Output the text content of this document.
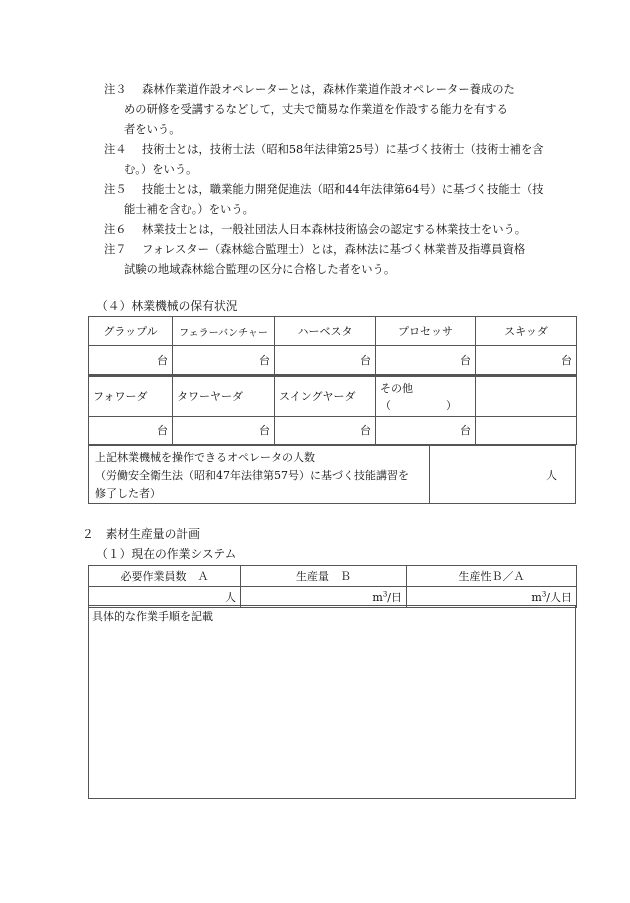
注３	森林作業道作設オペレーターとは，森林作業道作設オペレーター養成のた
めの研修を受講するなどして，丈夫で簡易な作業道を作設する能力を有する
者をいう。
注４	技術士とは，技術士法（昭和58年法律第25号）に基づく技術士（技術士補を含
む。）をいう。
注５	技能士とは，職業能力開発促進法（昭和44年法律第64号）に基づく技能士（技
能士補を含む。）をいう。
注６	林業技士とは，一般社団法人日本森林技術協会の認定する林業技士をいう。
注７	フォレスター（森林総合監理士）とは，森林法に基づく林業普及指導員資格
試験の地域森林総合監理の区分に合格した者をいう。
（４）林業機械の保有状況
グラップル	フェラーバンチャー	ハーベスタ	プロセッサ	スキッダ
台	台	台	台	台
フォワーダ	タワーヤーダ	スイングヤーダ	その他
（　　　　　）	

台	台	台	台	
上記林業機械を操作できるオペレータの人数
（労働安全衛生法（昭和47年法律第57号）に基づく技能講習を
修了した者）
人
２　素材生産量の計画
（１）現在の作業システム
必要作業員数　Ａ	生産量　Ｂ	生産性Ｂ／Ａ
人	$m^3/$日	$m^3/$人日
具体的な作業手順を記載
